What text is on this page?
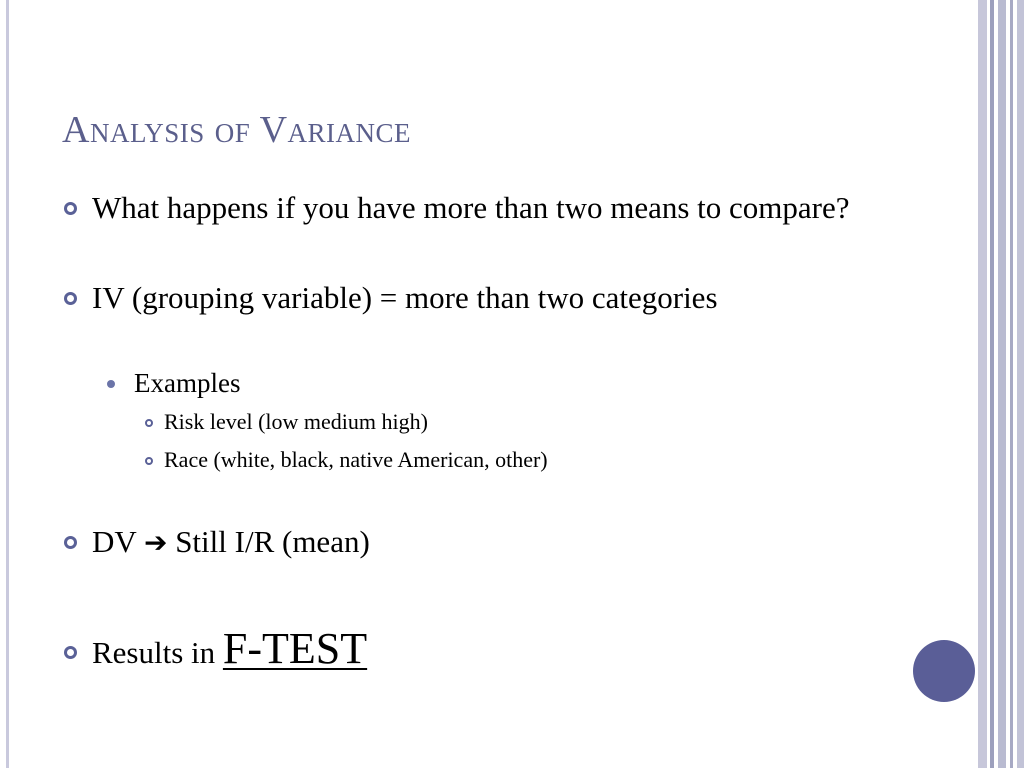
Analysis of Variance
What happens if you have more than two means to compare?
IV (grouping variable) = more than two categories
Examples
Risk level (low medium high)
Race (white, black, native American, other)
DV ➔ Still I/R (mean)
Results in F-TEST
